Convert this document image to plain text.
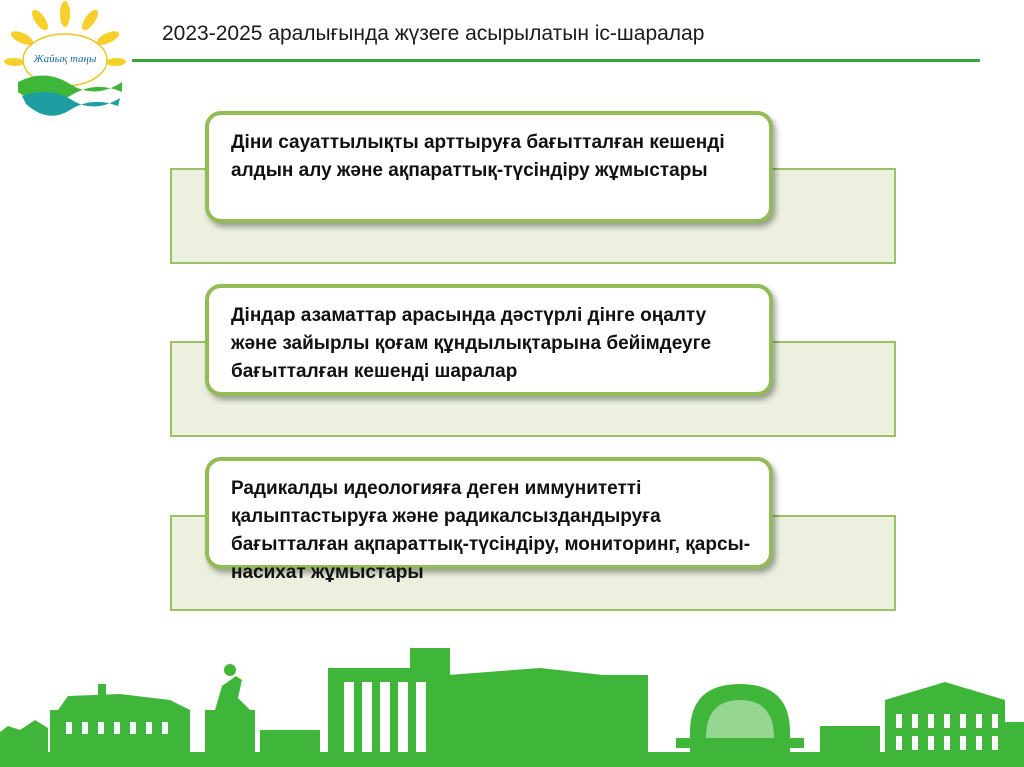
Жайық таңы
2023-2025 аралығында жүзеге асырылатын іс-шаралар
Діни сауаттылықты арттыруға бағытталған кешенді алдын алу және ақпараттық-түсіндіру жұмыстары
Діндар азаматтар арасында дәстүрлі дінге оңалту және зайырлы қоғам құндылықтарына бейімдеуге бағытталған кешенді шаралар
Радикалды идеологияға деген иммунитетті қалыптастыруға және радикалсыздандыруға бағытталған ақпараттық-түсіндіру, мониторинг, қарсы-насихат жұмыстары
